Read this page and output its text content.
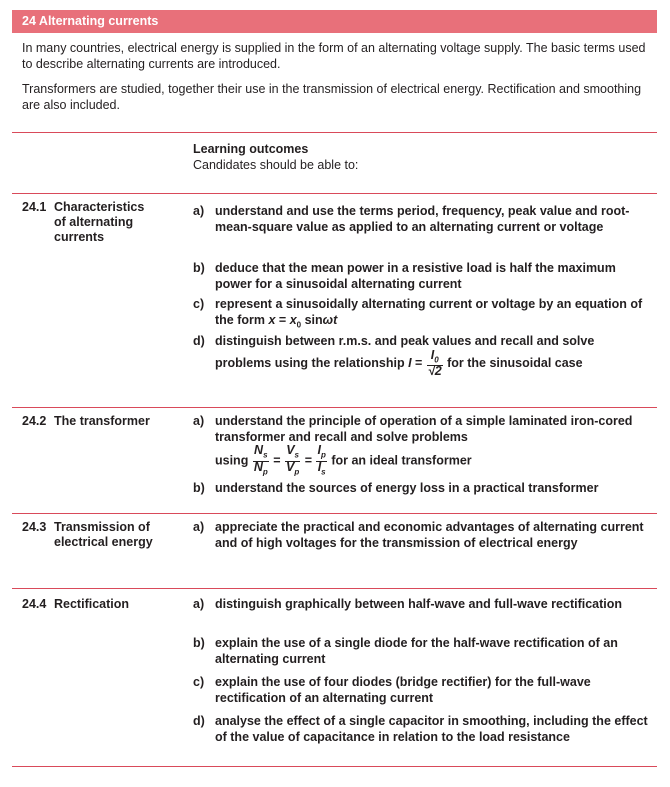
24 Alternating currents
In many countries, electrical energy is supplied in the form of an alternating voltage supply. The basic terms used to describe alternating currents are introduced.
Transformers are studied, together their use in the transmission of electrical energy. Rectification and smoothing are also included.
Learning outcomes
Candidates should be able to:
24.1 Characteristics
of alternating
currents
a) understand and use the terms period, frequency, peak value and root-mean-square value as applied to an alternating current or voltage
b) deduce that the mean power in a resistive load is half the maximum power for a sinusoidal alternating current
c) represent a sinusoidally alternating current or voltage by an equation of the form $x = x_0$ sinωt
d) distinguish between r.m.s. and peak values and recall and solve problems using the relationship $I = \frac{I_0}{√2}$ for the sinusoidal case
24.2 The transformer	a) understand the principle of operation of a simple laminated iron-cored transformer and recall and solve problems
using $\frac{N_s}{N_p} = \frac{V_s}{V_p} = \frac{I_p}{I_s}$ for an ideal transformer
b) understand the sources of energy loss in a practical transformer
24.3 Transmission of
electrical energy
a) appreciate the practical and economic advantages of alternating current and of high voltages for the transmission of electrical energy
24.4 Rectification	a) distinguish graphically between half-wave and full-wave rectification
b) explain the use of a single diode for the half-wave rectification of an alternating current
c) explain the use of four diodes (bridge rectifier) for the full-wave rectification of an alternating current
d) analyse the effect of a single capacitor in smoothing, including the effect of the value of capacitance in relation to the load resistance
